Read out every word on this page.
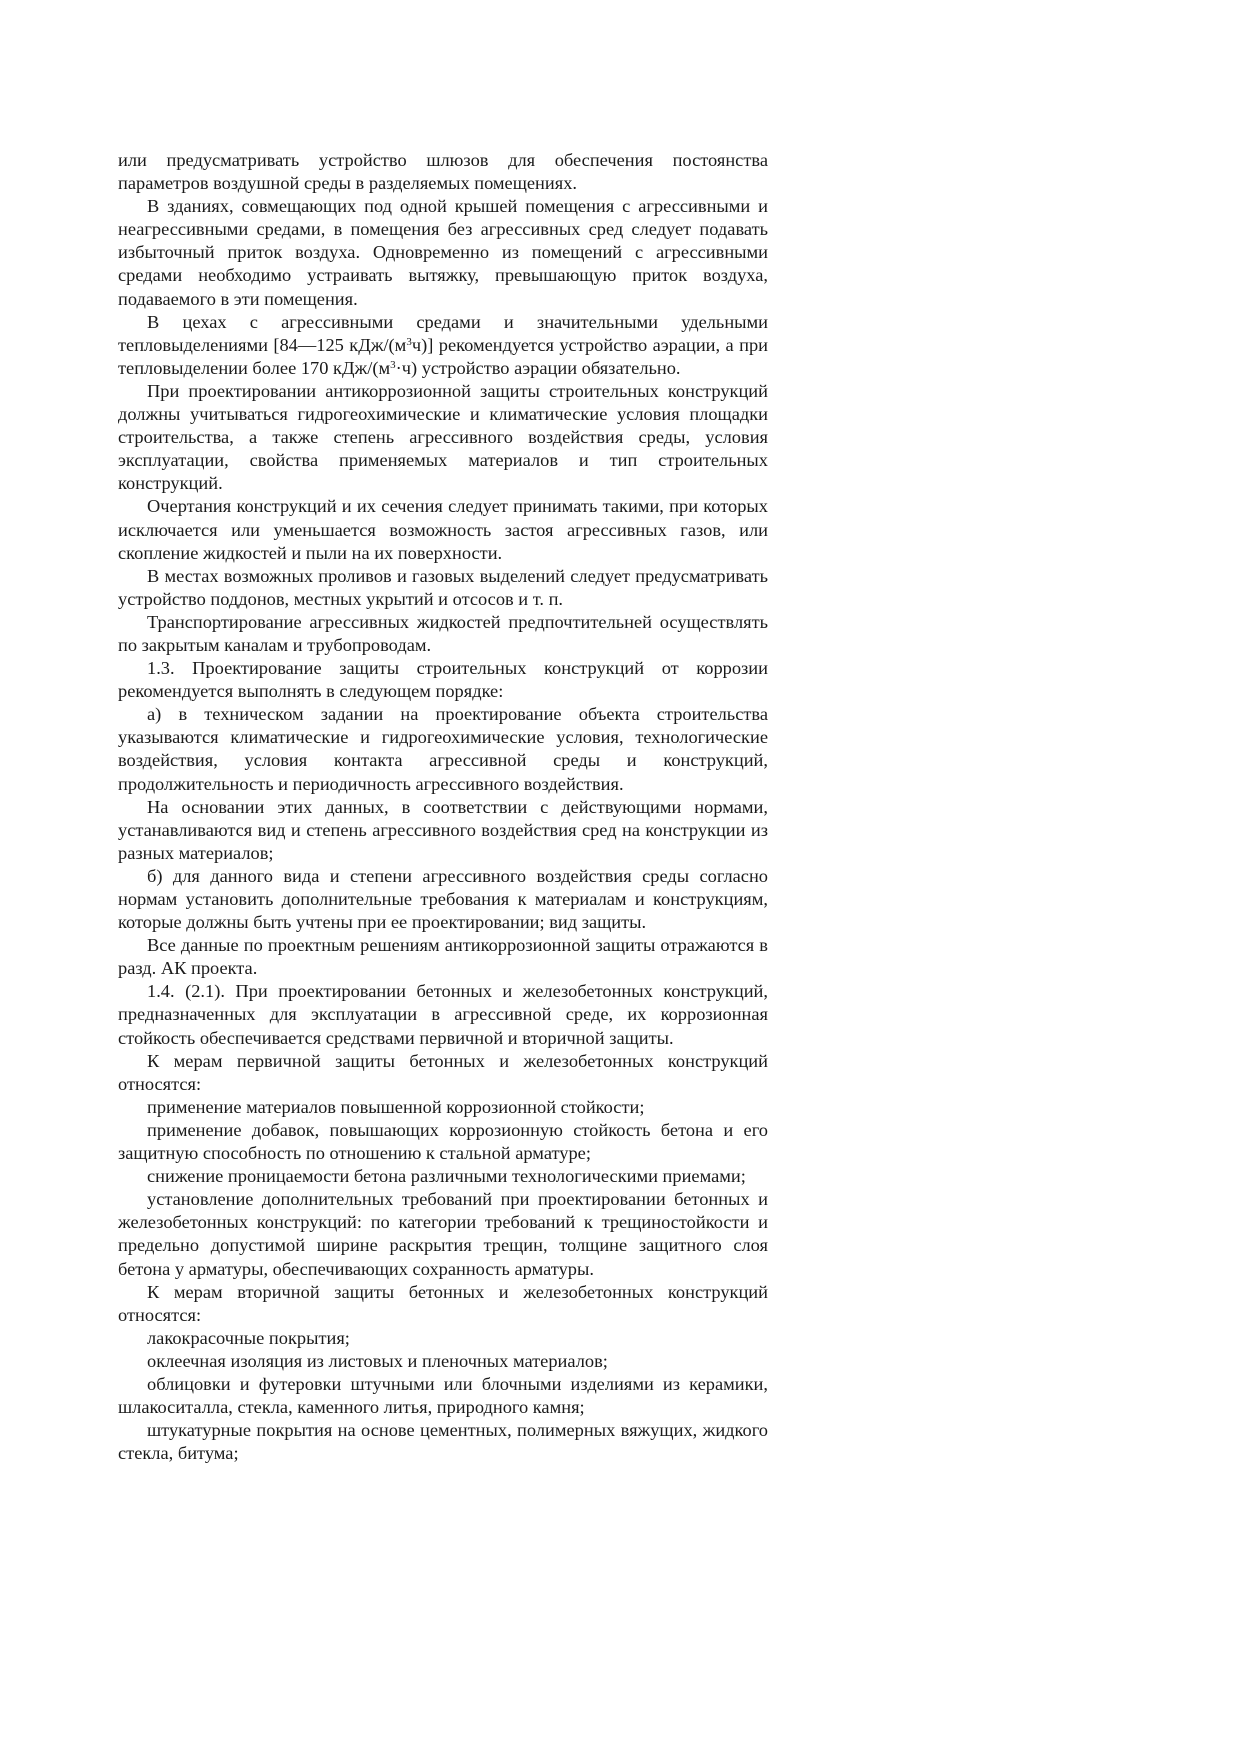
или предусматривать устройство шлюзов для обеспечения постоянства параметров воздушной среды в разделяемых помещениях.

В зданиях, совмещающих под одной крышей помещения с агрессивными и неагрессивными средами, в помещения без агрессивных сред следует подавать избыточный приток воздуха. Одновременно из помещений с агрессивными средами необходимо устраивать вытяжку, превышающую приток воздуха, подаваемого в эти помещения.

В цехах с агрессивными средами и значительными удельными тепловыделениями [84—125 кДж/$(м^3ч)$] рекомендуется устройство аэрации, а при тепловыделении более 170 кДж/$(м^3\cdot ч)$ устройство аэрации обязательно.

При проектировании антикоррозионной защиты строительных конструкций должны учитываться гидрогеохимические и климатические условия площадки строительства, а также степень агрессивного воздействия среды, условия эксплуатации, свойства применяемых материалов и тип строительных конструкций.

Очертания конструкций и их сечения следует принимать такими, при которых исключается или уменьшается возможность застоя агрессивных газов, или скопление жидкостей и пыли на их поверхности.

В местах возможных проливов и газовых выделений следует предусматривать устройство поддонов, местных укрытий и отсосов и т. п.

Транспортирование агрессивных жидкостей предпочтительней осуществлять по закрытым каналам и трубопроводам.

1.3. Проектирование защиты строительных конструкций от коррозии рекомендуется выполнять в следующем порядке:

а) в техническом задании на проектирование объекта строительства указываются климатические и гидрогеохимические условия, технологические воздействия, условия контакта агрессивной среды и конструкций, продолжительность и периодичность агрессивного воздействия.

На основании этих данных, в соответствии с действующими нормами, устанавливаются вид и степень агрессивного воздействия сред на конструкции из разных материалов;

б) для данного вида и степени агрессивного воздействия среды согласно нормам установить дополнительные требования к материалам и конструкциям, которые должны быть учтены при ее проектировании; вид защиты.

Все данные по проектным решениям антикоррозионной защиты отражаются в разд. АК проекта.

1.4. (2.1). При проектировании бетонных и железобетонных конструкций, предназначенных для эксплуатации в агрессивной среде, их коррозионная стойкость обеспечивается средствами первичной и вторичной защиты.

К мерам первичной защиты бетонных и железобетонных конструкций относятся:

применение материалов повышенной коррозионной стойкости;

применение добавок, повышающих коррозионную стойкость бетона и его защитную способность по отношению к стальной арматуре;

снижение проницаемости бетона различными технологическими приемами;

установление дополнительных требований при проектировании бетонных и железобетонных конструкций: по категории требований к трещиностойкости и предельно допустимой ширине раскрытия трещин, толщине защитного слоя бетона у арматуры, обеспечивающих сохранность арматуры.

К мерам вторичной защиты бетонных и железобетонных конструкций относятся:

лакокрасочные покрытия;

оклеечная изоляция из листовых и пленочных материалов;

облицовки и футеровки штучными или блочными изделиями из керамики, шлакоситалла, стекла, каменного литья, природного камня;

штукатурные покрытия на основе цементных, полимерных вяжущих, жидкого стекла, битума;
